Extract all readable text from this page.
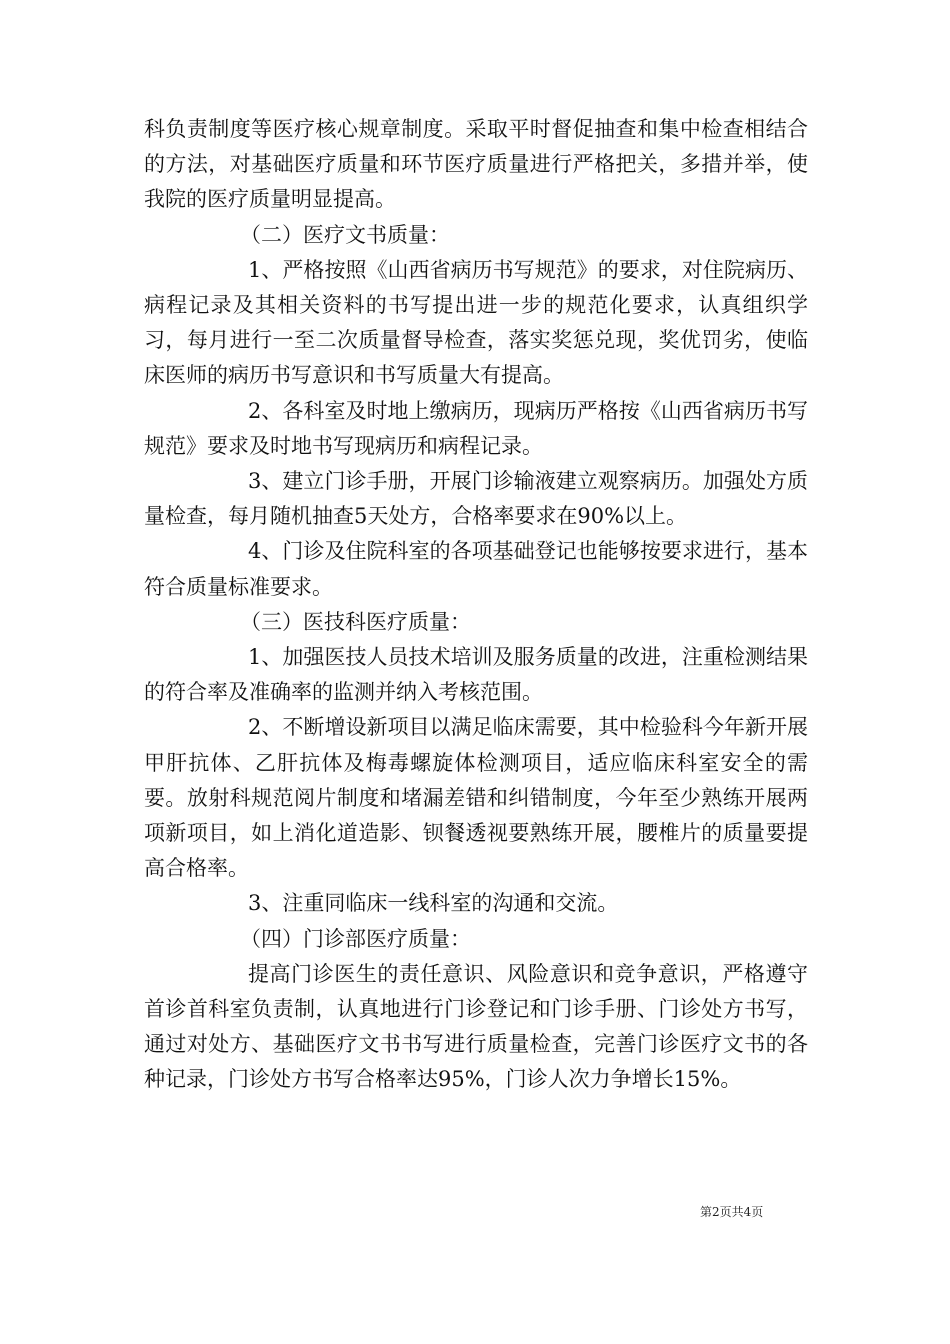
科负责制度等医疗核心规章制度。采取平时督促抽查和集中检查相结合的方法，对基础医疗质量和环节医疗质量进行严格把关，多措并举，使我院的医疗质量明显提高。

（二）医疗文书质量：

1、严格按照《山西省病历书写规范》的要求，对住院病历、病程记录及其相关资料的书写提出进一步的规范化要求，认真组织学习，每月进行一至二次质量督导检查，落实奖惩兑现，奖优罚劣，使临床医师的病历书写意识和书写质量大有提高。

2、各科室及时地上缴病历，现病历严格按《山西省病历书写规范》要求及时地书写现病历和病程记录。

3、建立门诊手册，开展门诊输液建立观察病历。加强处方质量检查，每月随机抽查5天处方，合格率要求在90%以上。

4、门诊及住院科室的各项基础登记也能够按要求进行，基本符合质量标准要求。

（三）医技科医疗质量：

1、加强医技人员技术培训及服务质量的改进，注重检测结果的符合率及准确率的监测并纳入考核范围。

2、不断增设新项目以满足临床需要，其中检验科今年新开展甲肝抗体、乙肝抗体及梅毒螺旋体检测项目，适应临床科室安全的需要。放射科规范阅片制度和堵漏差错和纠错制度，今年至少熟练开展两项新项目，如上消化道造影、钡餐透视要熟练开展，腰椎片的质量要提高合格率。

3、注重同临床一线科室的沟通和交流。

（四）门诊部医疗质量：

提高门诊医生的责任意识、风险意识和竞争意识，严格遵守首诊首科室负责制，认真地进行门诊登记和门诊手册、门诊处方书写，通过对处方、基础医疗文书书写进行质量检查，完善门诊医疗文书的各种记录，门诊处方书写合格率达95%，门诊人次力争增长15%。

第2页共4页
